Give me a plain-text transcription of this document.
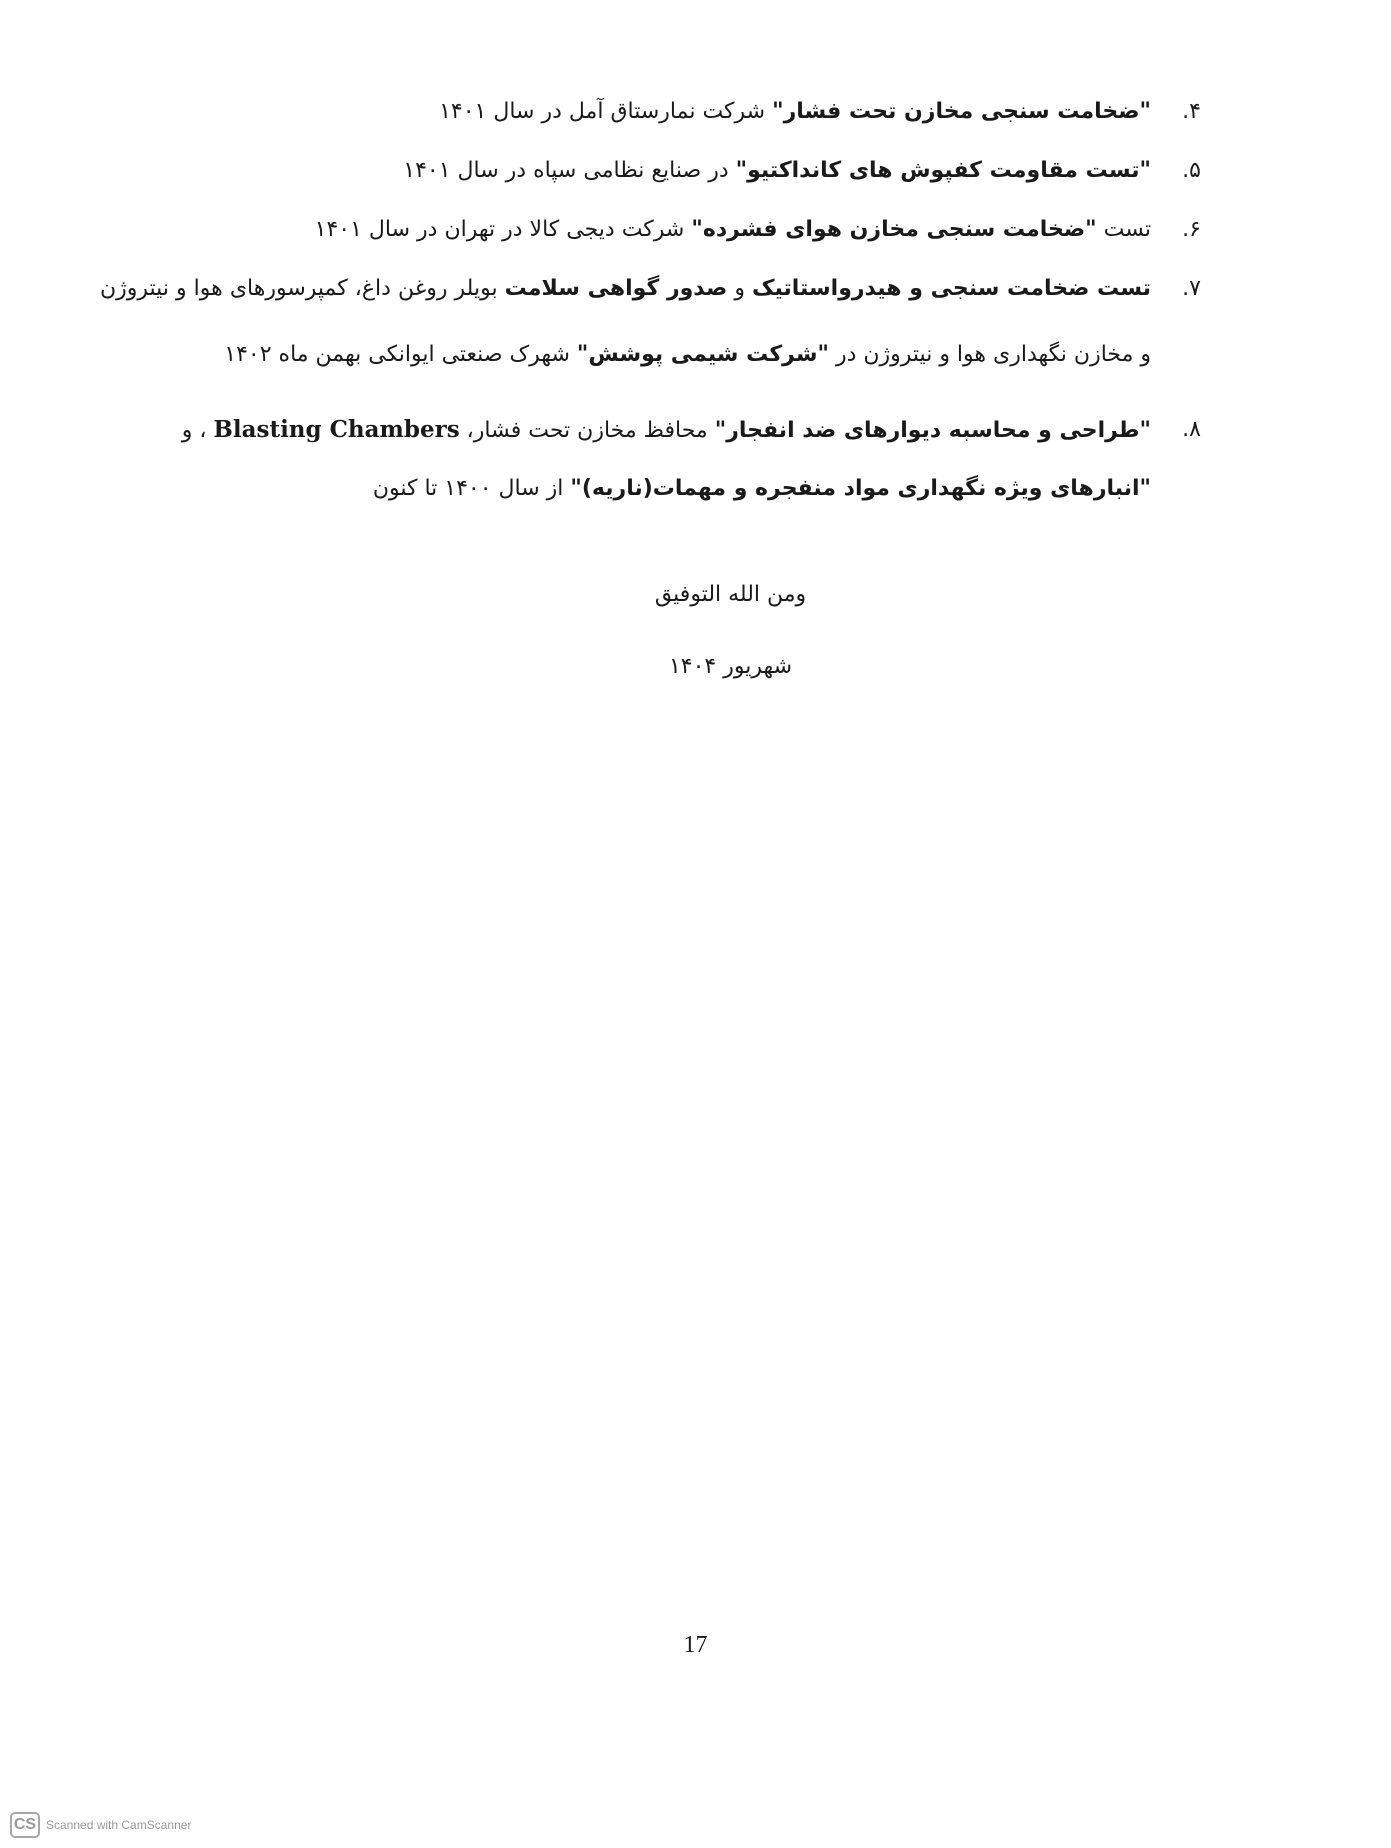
۴.
"ضخامت سنجی مخازن تحت فشار" شرکت نمارستاق آمل در سال ۱۴۰۱
۵.
"تست مقاومت کفپوش های کانداکتیو" در صنایع نظامی سپاه در سال ۱۴۰۱
۶.
تست "ضخامت سنجی مخازن هوای فشرده" شرکت دیجی کالا در تهران در سال ۱۴۰۱
۷.
تست ضخامت سنجی و هیدرواستاتیک و صدور گواهی سلامت بویلر روغن داغ، کمپرسورهای هوا و نیتروژن و مخازن نگهداری هوا و نیتروژن در "شرکت شیمی پوشش" شهرک صنعتی ایوانکی بهمن ماه ۱۴۰۲
۸.
"طراحی و محاسبه دیوارهای ضد انفجار" محافظ مخازن تحت فشار، Blasting Chambers ، و "انبارهای ویژه نگهداری مواد منفجره و مهمات(ناریه)" از سال ۱۴۰۰ تا کنون
ومن الله التوفیق
شهریور ۱۴۰۴
17
CS Scanned with CamScanner
